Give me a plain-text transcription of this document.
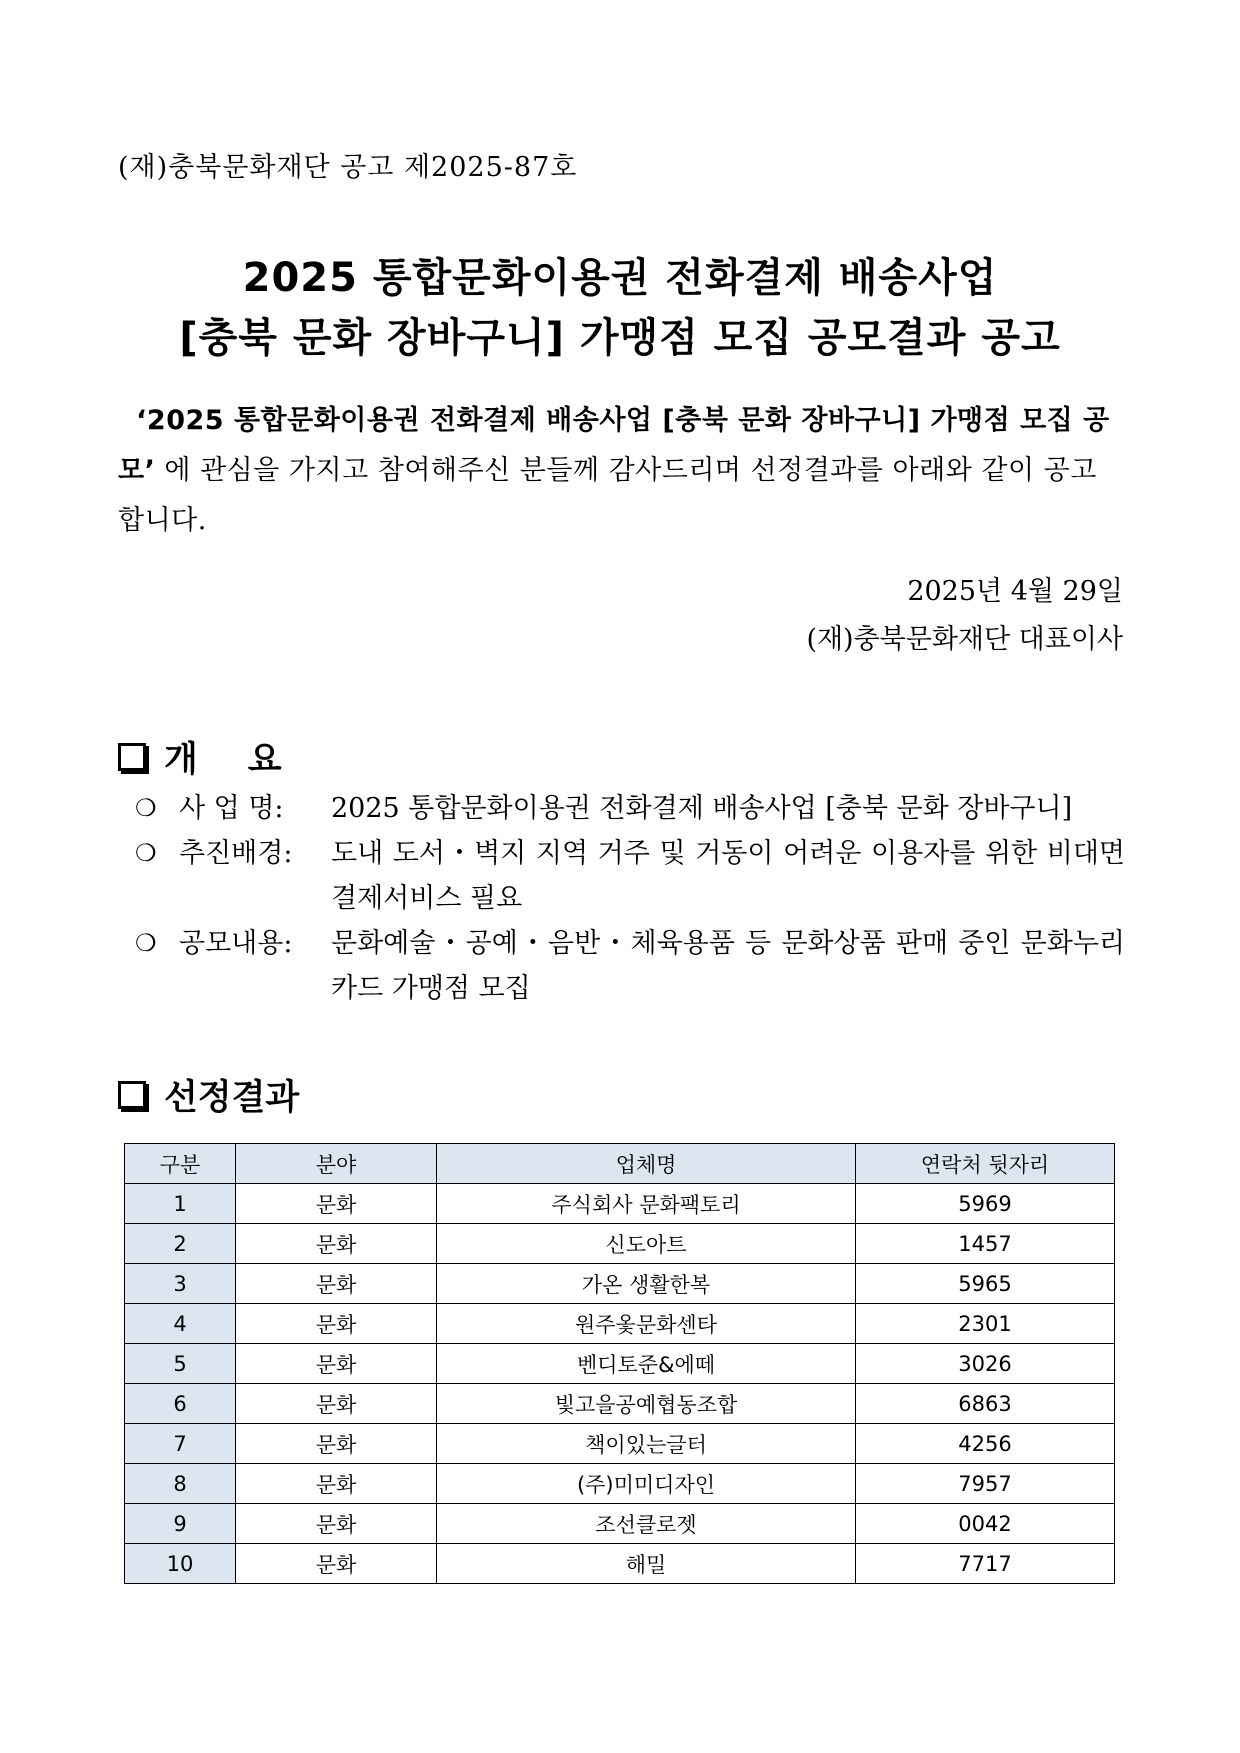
(재)충북문화재단 공고 제2025-87호
2025 통합문화이용권 전화결제 배송사업
[충북 문화 장바구니] 가맹점 모집 공모결과 공고
‘2025 통합문화이용권 전화결제 배송사업 [충북 문화 장바구니] 가맹점 모집 공모’ 에 관심을 가지고 참여해주신 분들께 감사드리며 선정결과를 아래와 같이 공고합니다.
2025년 4월 29일
(재)충북문화재단 대표이사
개요
❍ 사 업 명:	2025 통합문화이용권 전화결제 배송사업 [충북 문화 장바구니]
❍ 추진배경:	도내 도서・벽지 지역 거주 및 거동이 어려운 이용자를 위한 비대면 결제서비스 필요
❍ 공모내용:	문화예술・공예・음반・체육용품 등 문화상품 판매 중인 문화누리카드 가맹점 모집
선정결과
구분	분야	업체명	연락처 뒷자리
1	문화	주식회사 문화팩토리	5969
2	문화	신도아트	1457
3	문화	가온 생활한복	5965
4	문화	원주옻문화센타	2301
5	문화	벤디토준&에떼	3026
6	문화	빛고을공예협동조합	6863
7	문화	책이있는글터	4256
8	문화	(주)미미디자인	7957
9	문화	조선클로젯	0042
10	문화	해밀	7717
